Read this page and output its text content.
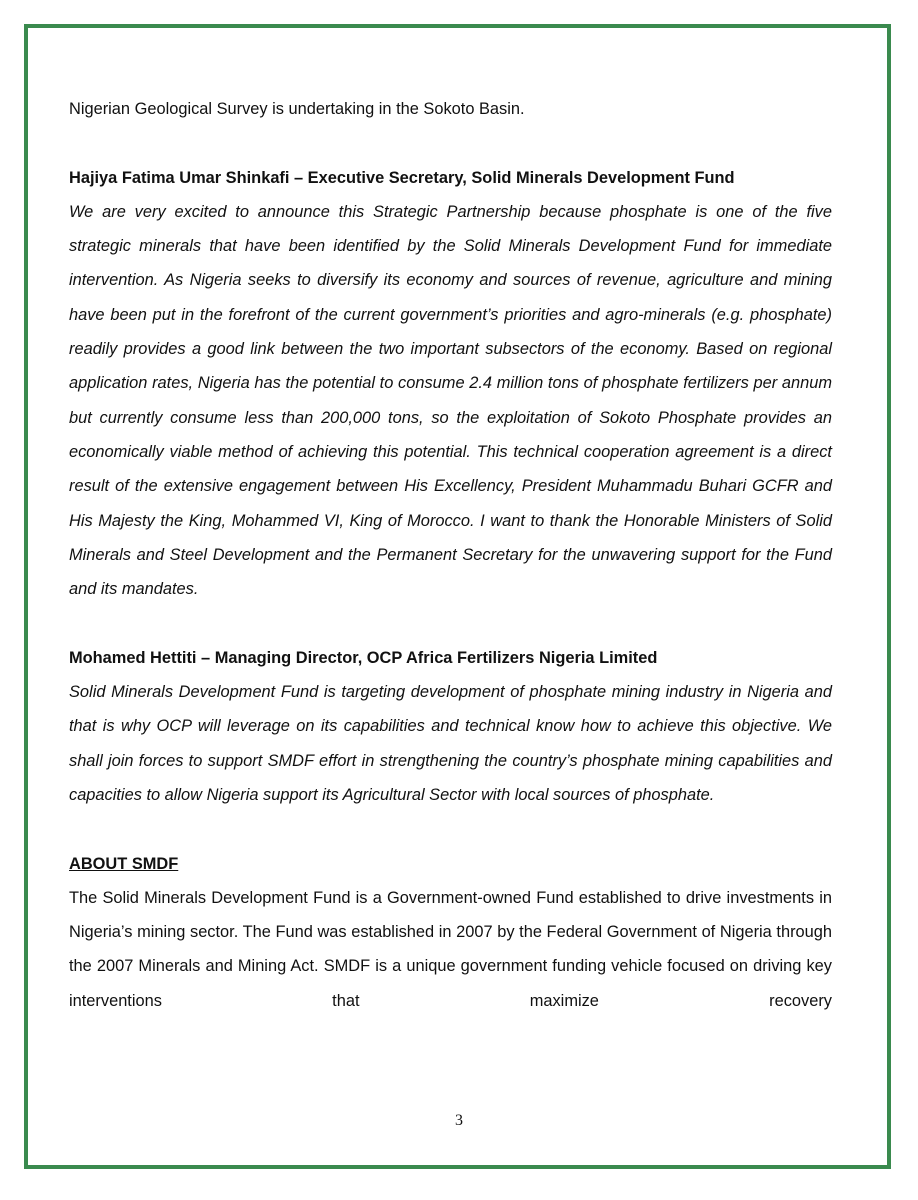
Nigerian Geological Survey is undertaking in the Sokoto Basin.

Hajiya Fatima Umar Shinkafi – Executive Secretary, Solid Minerals Development Fund

We are very excited to announce this Strategic Partnership because phosphate is one of the five strategic minerals that have been identified by the Solid Minerals Development Fund for immediate intervention. As Nigeria seeks to diversify its economy and sources of revenue, agriculture and mining have been put in the forefront of the current government’s priorities and agro-minerals (e.g. phosphate) readily provides a good link between the two important subsectors of the economy. Based on regional application rates, Nigeria has the potential to consume 2.4 million tons of phosphate fertilizers per annum but currently consume less than 200,000 tons, so the exploitation of Sokoto Phosphate provides an economically viable method of achieving this potential. This technical cooperation agreement is a direct result of the extensive engagement between His Excellency, President Muhammadu Buhari GCFR and His Majesty the King, Mohammed VI, King of Morocco. I want to thank the Honorable Ministers of Solid Minerals and Steel Development and the Permanent Secretary for the unwavering support for the Fund and its mandates.

Mohamed Hettiti – Managing Director, OCP Africa Fertilizers Nigeria Limited

Solid Minerals Development Fund is targeting development of phosphate mining industry in Nigeria and that is why OCP will leverage on its capabilities and technical know how to achieve this objective. We shall join forces to support SMDF effort in strengthening the country’s phosphate mining capabilities and capacities to allow Nigeria support its Agricultural Sector with local sources of phosphate.

ABOUT SMDF

The Solid Minerals Development Fund is a Government-owned Fund established to drive investments in Nigeria’s mining sector. The Fund was established in 2007 by the Federal Government of Nigeria through the 2007 Minerals and Mining Act. SMDF is a unique government funding vehicle focused on driving key interventions that maximize recovery

3
